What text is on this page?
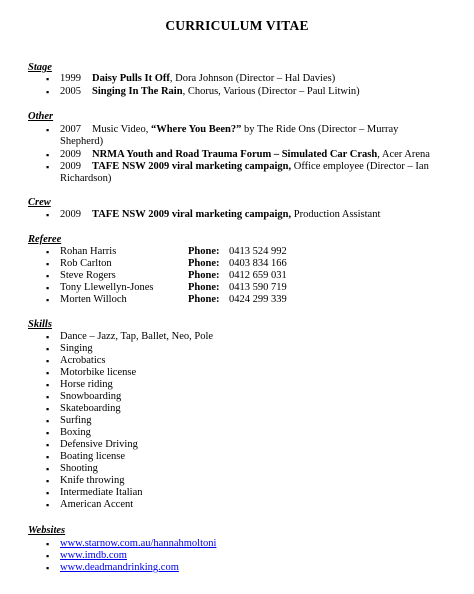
CURRICULUM VITAE
Stage
▪ 1999 Daisy Pulls It Off, Dora Johnson (Director – Hal Davies)
▪ 2005 Singing In The Rain, Chorus, Various (Director – Paul Litwin)
Other
▪ 2007 Music Video, “Where You Been?” by The Ride Ons (Director – Murray
Shepherd)
▪ 2009 NRMA Youth and Road Trauma Forum – Simulated Car Crash, Acer Arena
▪ 2009 TAFE NSW 2009 viral marketing campaign, Office employee (Director – Ian
Richardson)
Crew
▪ 2009 TAFE NSW 2009 viral marketing campaign, Production Assistant
Referee
▪ Rohan Harris	Phone: 0413 524 992
▪ Rob Carlton	Phone: 0403 834 166
▪ Steve Rogers	Phone: 0412 659 031
▪ Tony Llewellyn-Jones	Phone: 0413 590 719
▪ Morten Willoch	Phone: 0424 299 339
Skills
▪ Dance – Jazz, Tap, Ballet, Neo, Pole
▪ Singing
▪ Acrobatics
▪ Motorbike license
▪ Horse riding
▪ Snowboarding
▪ Skateboarding
▪ Surfing
▪ Boxing
▪ Defensive Driving
▪ Boating license
▪ Shooting
▪ Knife throwing
▪ Intermediate Italian
▪ American Accent
Websites
▪ www.starnow.com.au/hannahmoltoni
▪ www.imdb.com
▪ www.deadmandrinking.com
